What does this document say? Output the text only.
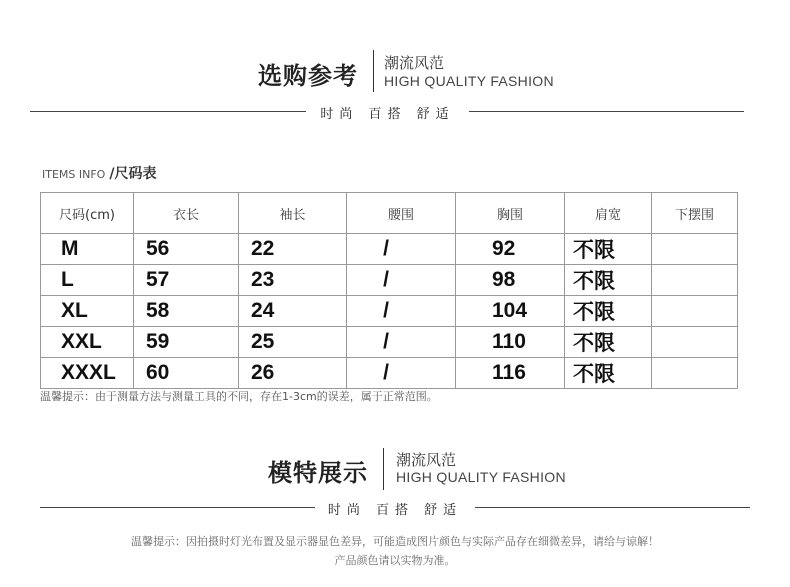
选购参考 潮流风范
HIGH QUALITY FASHION
时尚 百搭 舒适
ITEMS INFO /尺码表
尺码(cm)	衣长	袖长	腰围	胸围	肩宽	下摆围
M	56	22	/	92	不限	
L	57	23	/	98	不限	
XL	58	24	/	104	不限	
XXL	59	25	/	110	不限	
XXXL	60	26	/	116	不限	
温馨提示：由于测量方法与测量工具的不同，存在1-3cm的误差，属于正常范围。
模特展示 潮流风范
HIGH QUALITY FASHION
时尚 百搭 舒适
温馨提示：因拍摄时灯光布置及显示器显色差异，可能造成图片颜色与实际产品存在细微差异，请给与谅解！
产品颜色请以实物为准。
